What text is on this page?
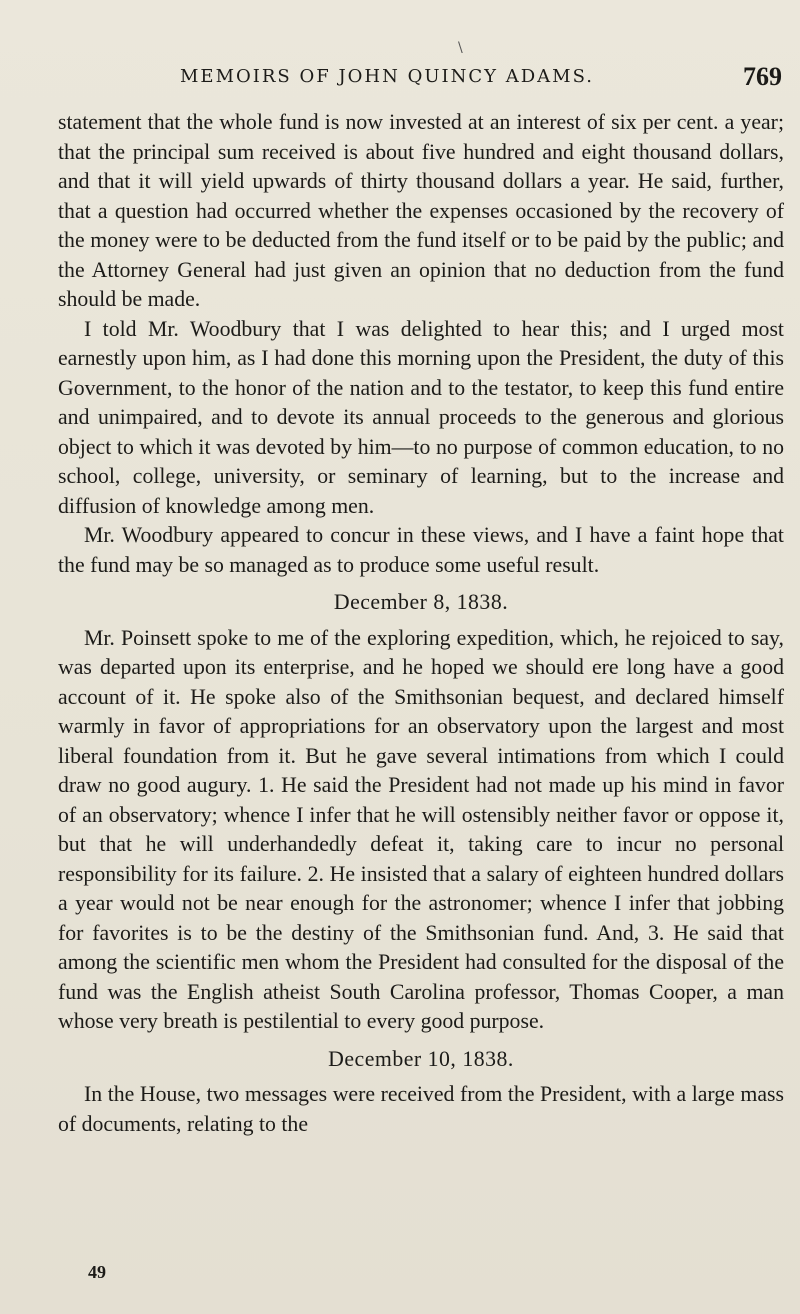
MEMOIRS OF JOHN QUINCY ADAMS.	769
\

statement that the whole fund is now invested at an interest of six per cent. a year; that the principal sum received is about five hundred and eight thousand dollars, and that it will yield upwards of thirty thousand dollars a year. He said, further, that a question had occurred whether the expenses occasioned by the recovery of the money were to be deducted from the fund itself or to be paid by the public; and the Attorney General had just given an opinion that no deduction from the fund should be made.

I told Mr. Woodbury that I was delighted to hear this; and I urged most earnestly upon him, as I had done this morning upon the President, the duty of this Government, to the honor of the nation and to the testator, to keep this fund entire and unimpaired, and to devote its annual proceeds to the generous and glorious object to which it was devoted by him—to no purpose of common education, to no school, college, university, or seminary of learning, but to the increase and diffusion of knowledge among men.

Mr. Woodbury appeared to concur in these views, and I have a faint hope that the fund may be so managed as to produce some useful result.

December 8, 1838.

Mr. Poinsett spoke to me of the exploring expedition, which, he rejoiced to say, was departed upon its enterprise, and he hoped we should ere long have a good account of it. He spoke also of the Smithsonian bequest, and declared himself warmly in favor of appropriations for an observatory upon the largest and most liberal foundation from it. But he gave several intimations from which I could draw no good augury. 1. He said the President had not made up his mind in favor of an observatory; whence I infer that he will ostensibly neither favor or oppose it, but that he will underhandedly defeat it, taking care to incur no personal responsibility for its failure. 2. He insisted that a salary of eighteen hundred dollars a year would not be near enough for the astronomer; whence I infer that jobbing for favorites is to be the destiny of the Smithsonian fund. And, 3. He said that among the scientific men whom the President had consulted for the disposal of the fund was the English atheist South Carolina professor, Thomas Cooper, a man whose very breath is pestilential to every good purpose.

December 10, 1838.

In the House, two messages were received from the President, with a large mass of documents, relating to the

49
